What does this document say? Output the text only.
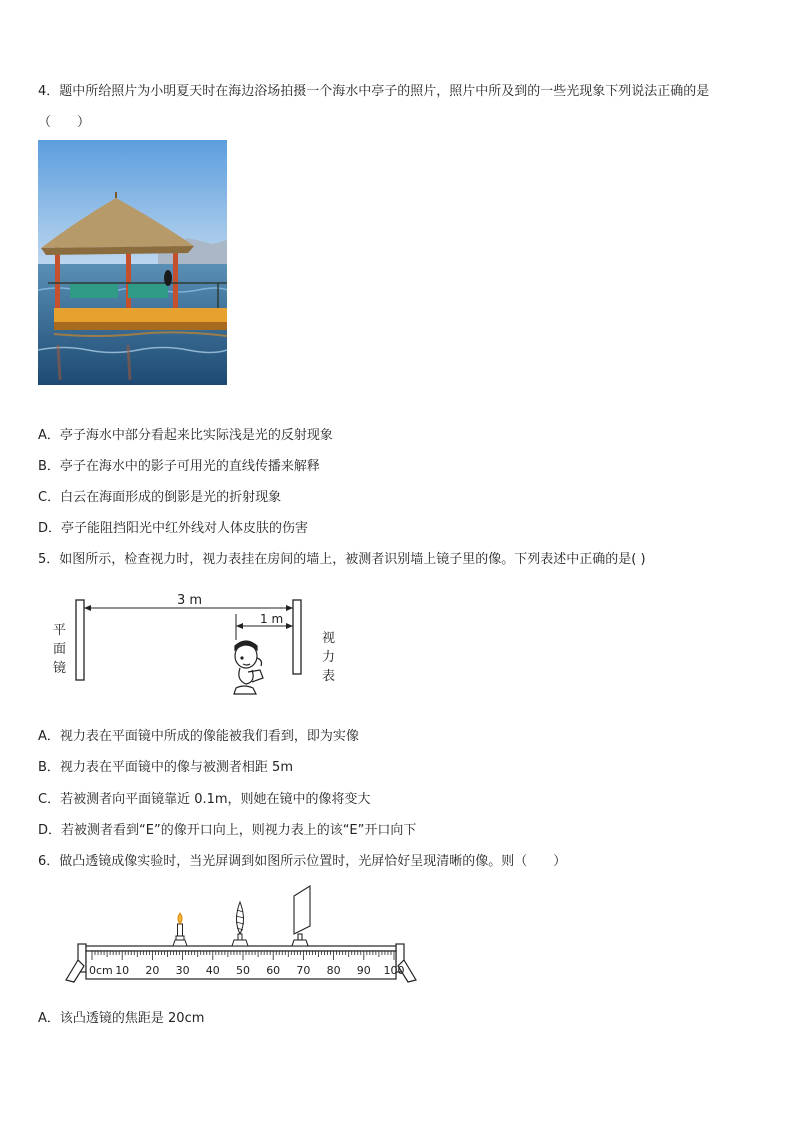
4．题中所给照片为小明夏天时在海边浴场拍摄一个海水中亭子的照片，照片中所及到的一些光现象下列说法正确的是
（　　）
A．亭子海水中部分看起来比实际浅是光的反射现象
B．亭子在海水中的影子可用光的直线传播来解释
C．白云在海面形成的倒影是光的折射现象
D．亭子能阻挡阳光中红外线对人体皮肤的伤害
5．如图所示，检查视力时，视力表挂在房间的墙上，被测者识别墙上镜子里的像。下列表述中正确的是( )
3 m
1 m
平
面
镜
视
力
表
A．视力表在平面镜中所成的像能被我们看到，即为实像
B．视力表在平面镜中的像与被测者相距 5m
C．若被测者向平面镜靠近 0.1m，则她在镜中的像将变大
D．若被测者看到“E”的像开口向上，则视力表上的该“E”开口向下
6．做凸透镜成像实验时，当光屏调到如图所示位置时，光屏恰好呈现清晰的像。则（　　）
0cm 10 20 30 40 50 60 70 80 90 100
A．该凸透镜的焦距是 20cm
